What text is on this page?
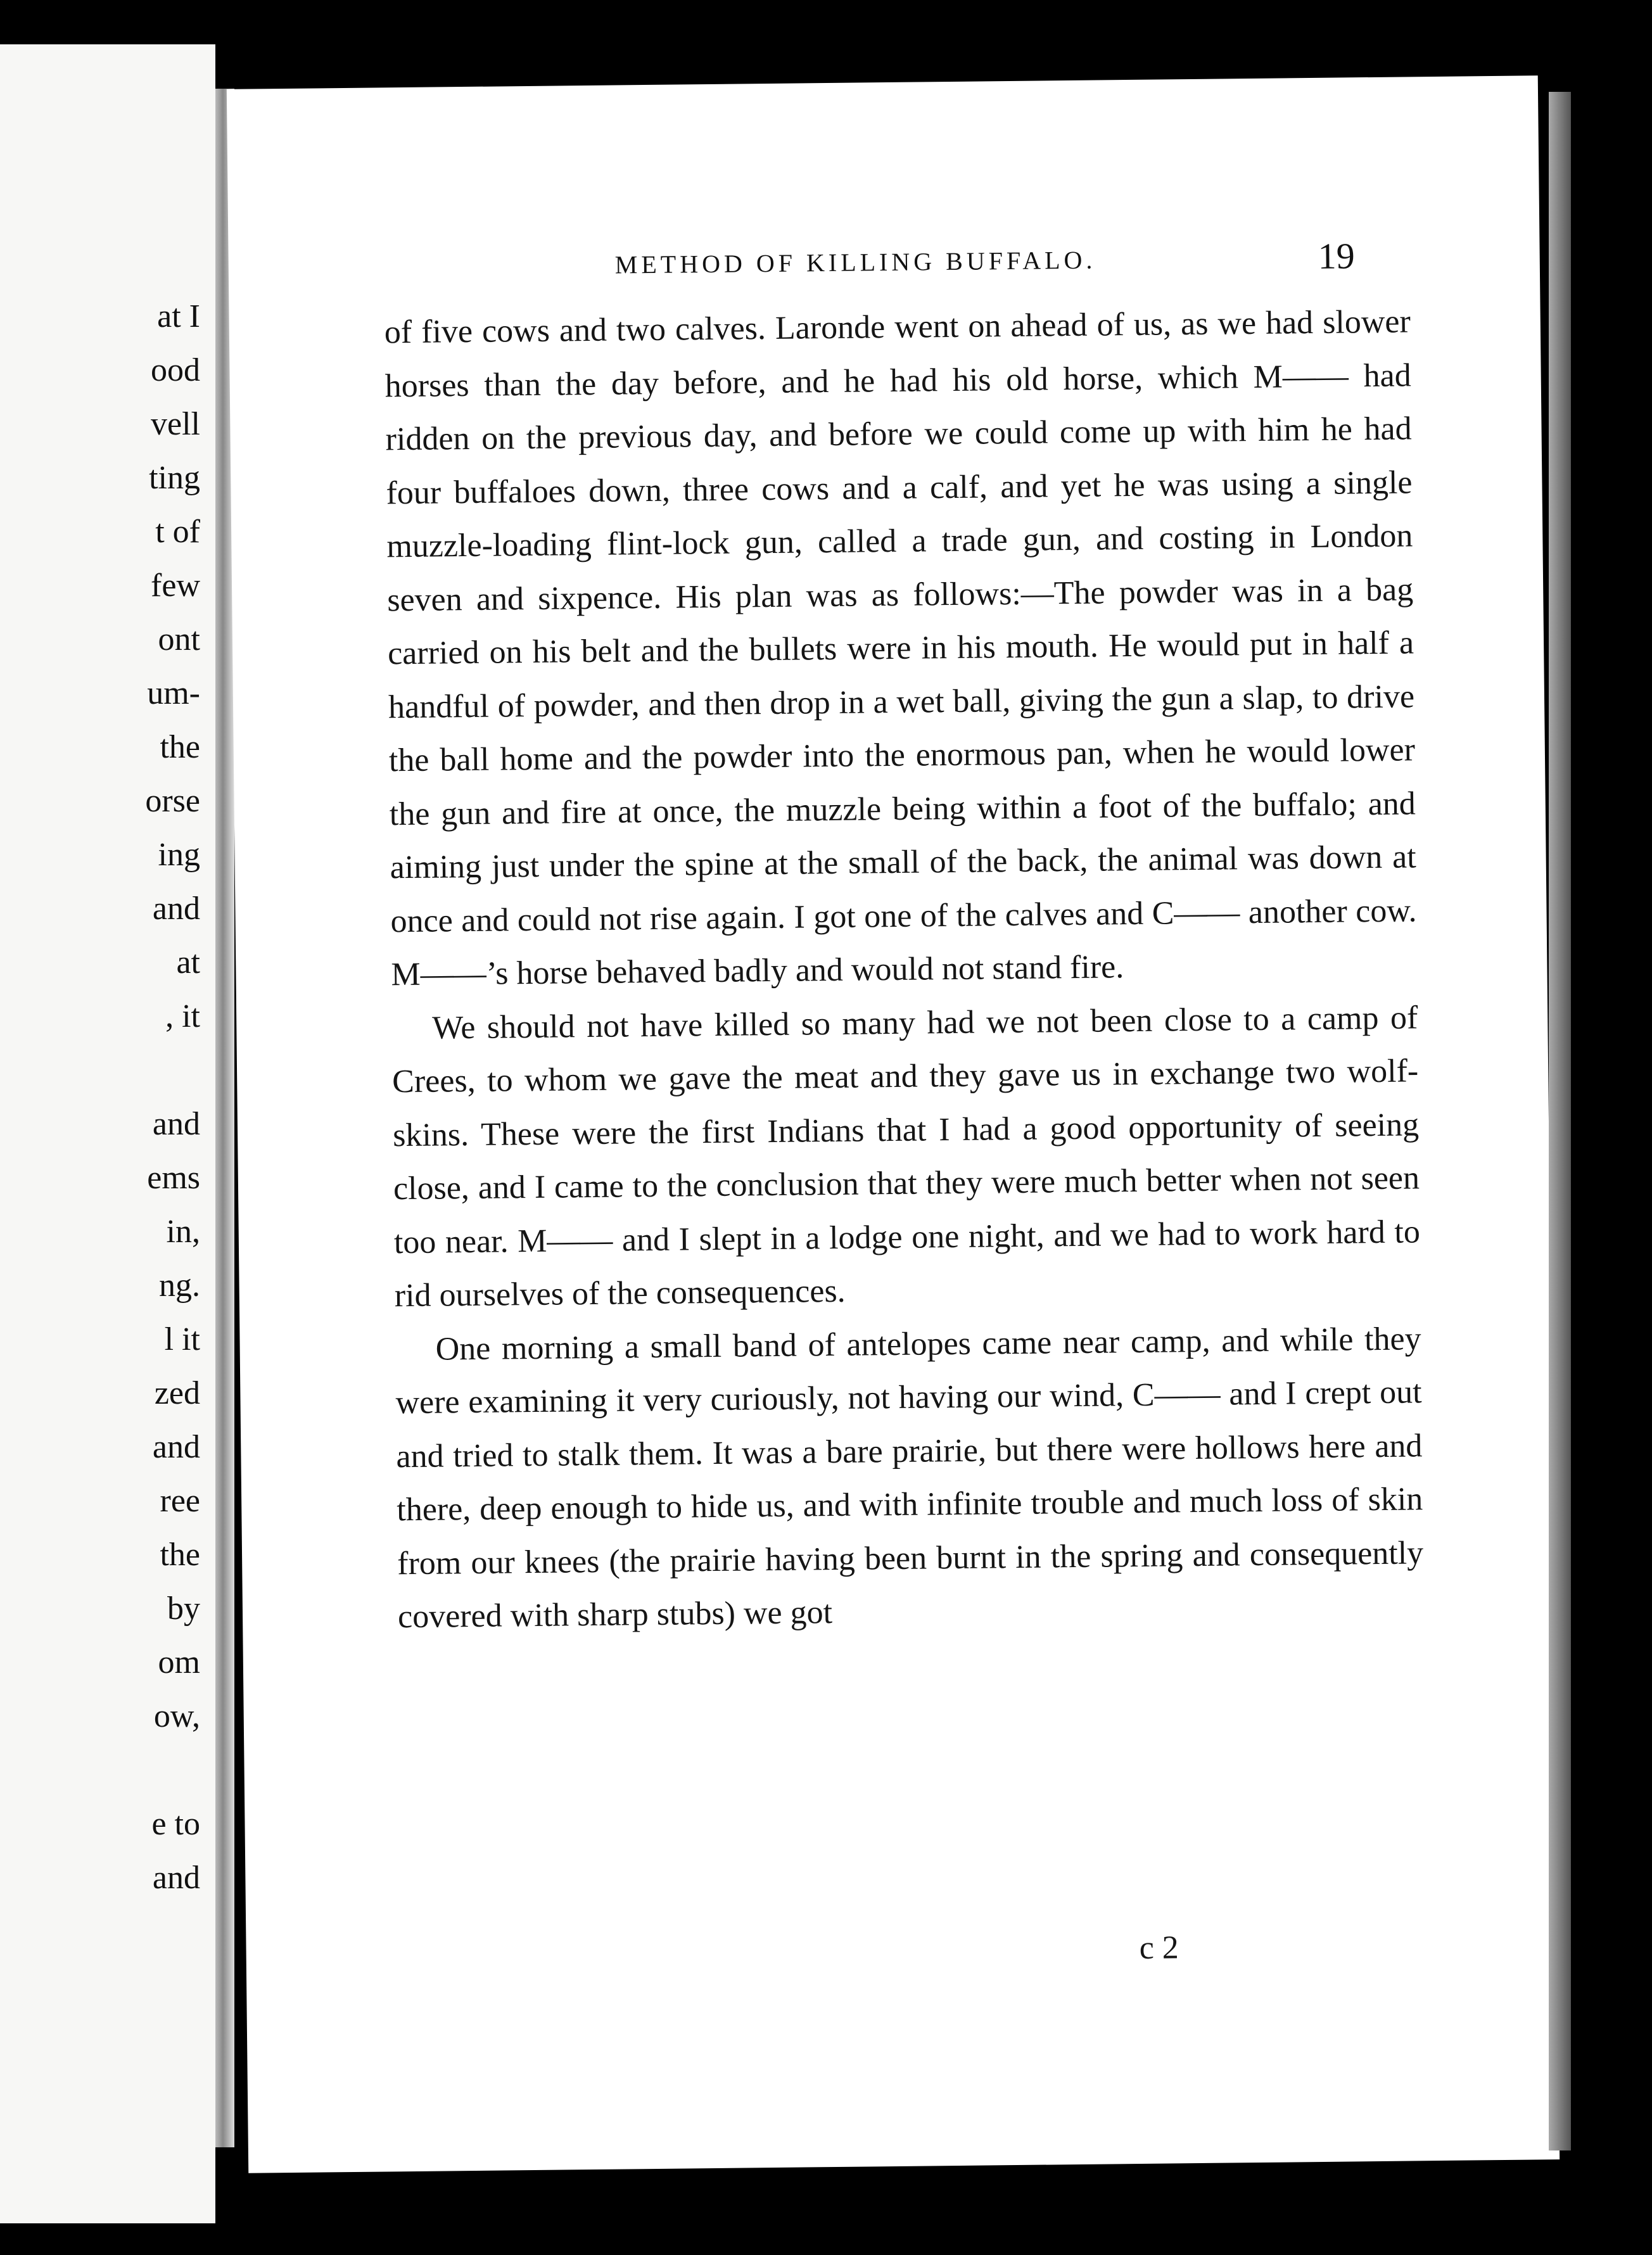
at I
ood
vell
ting
t of
few
ont
um-
the
orse
ing
and
at
, it
and
ems
in,
ng.
l it
zed
and
ree
the
by
om
ow,
e to
and
METHOD OF KILLING BUFFALO.	19

of five cows and two calves. Laronde went on ahead of us, as we had slower horses than the day before, and he had his old horse, which M—— had ridden on the previous day, and before we could come up with him he had four buffaloes down, three cows and a calf, and yet he was using a single muzzle-loading flint-lock gun, called a trade gun, and costing in London seven and sixpence. His plan was as follows:—The powder was in a bag carried on his belt and the bullets were in his mouth. He would put in half a handful of powder, and then drop in a wet ball, giving the gun a slap, to drive the ball home and the powder into the enormous pan, when he would lower the gun and fire at once, the muzzle being within a foot of the buffalo; and aiming just under the spine at the small of the back, the animal was down at once and could not rise again. I got one of the calves and C—— another cow. M——’s horse behaved badly and would not stand fire.

We should not have killed so many had we not been close to a camp of Crees, to whom we gave the meat and they gave us in exchange two wolf-skins. These were the first Indians that I had a good opportunity of seeing close, and I came to the conclusion that they were much better when not seen too near. M—— and I slept in a lodge one night, and we had to work hard to rid ourselves of the consequences.

One morning a small band of antelopes came near camp, and while they were examining it very curiously, not having our wind, C—— and I crept out and tried to stalk them. It was a bare prairie, but there were hollows here and there, deep enough to hide us, and with infinite trouble and much loss of skin from our knees (the prairie having been burnt in the spring and consequently covered with sharp stubs) we got

c 2
